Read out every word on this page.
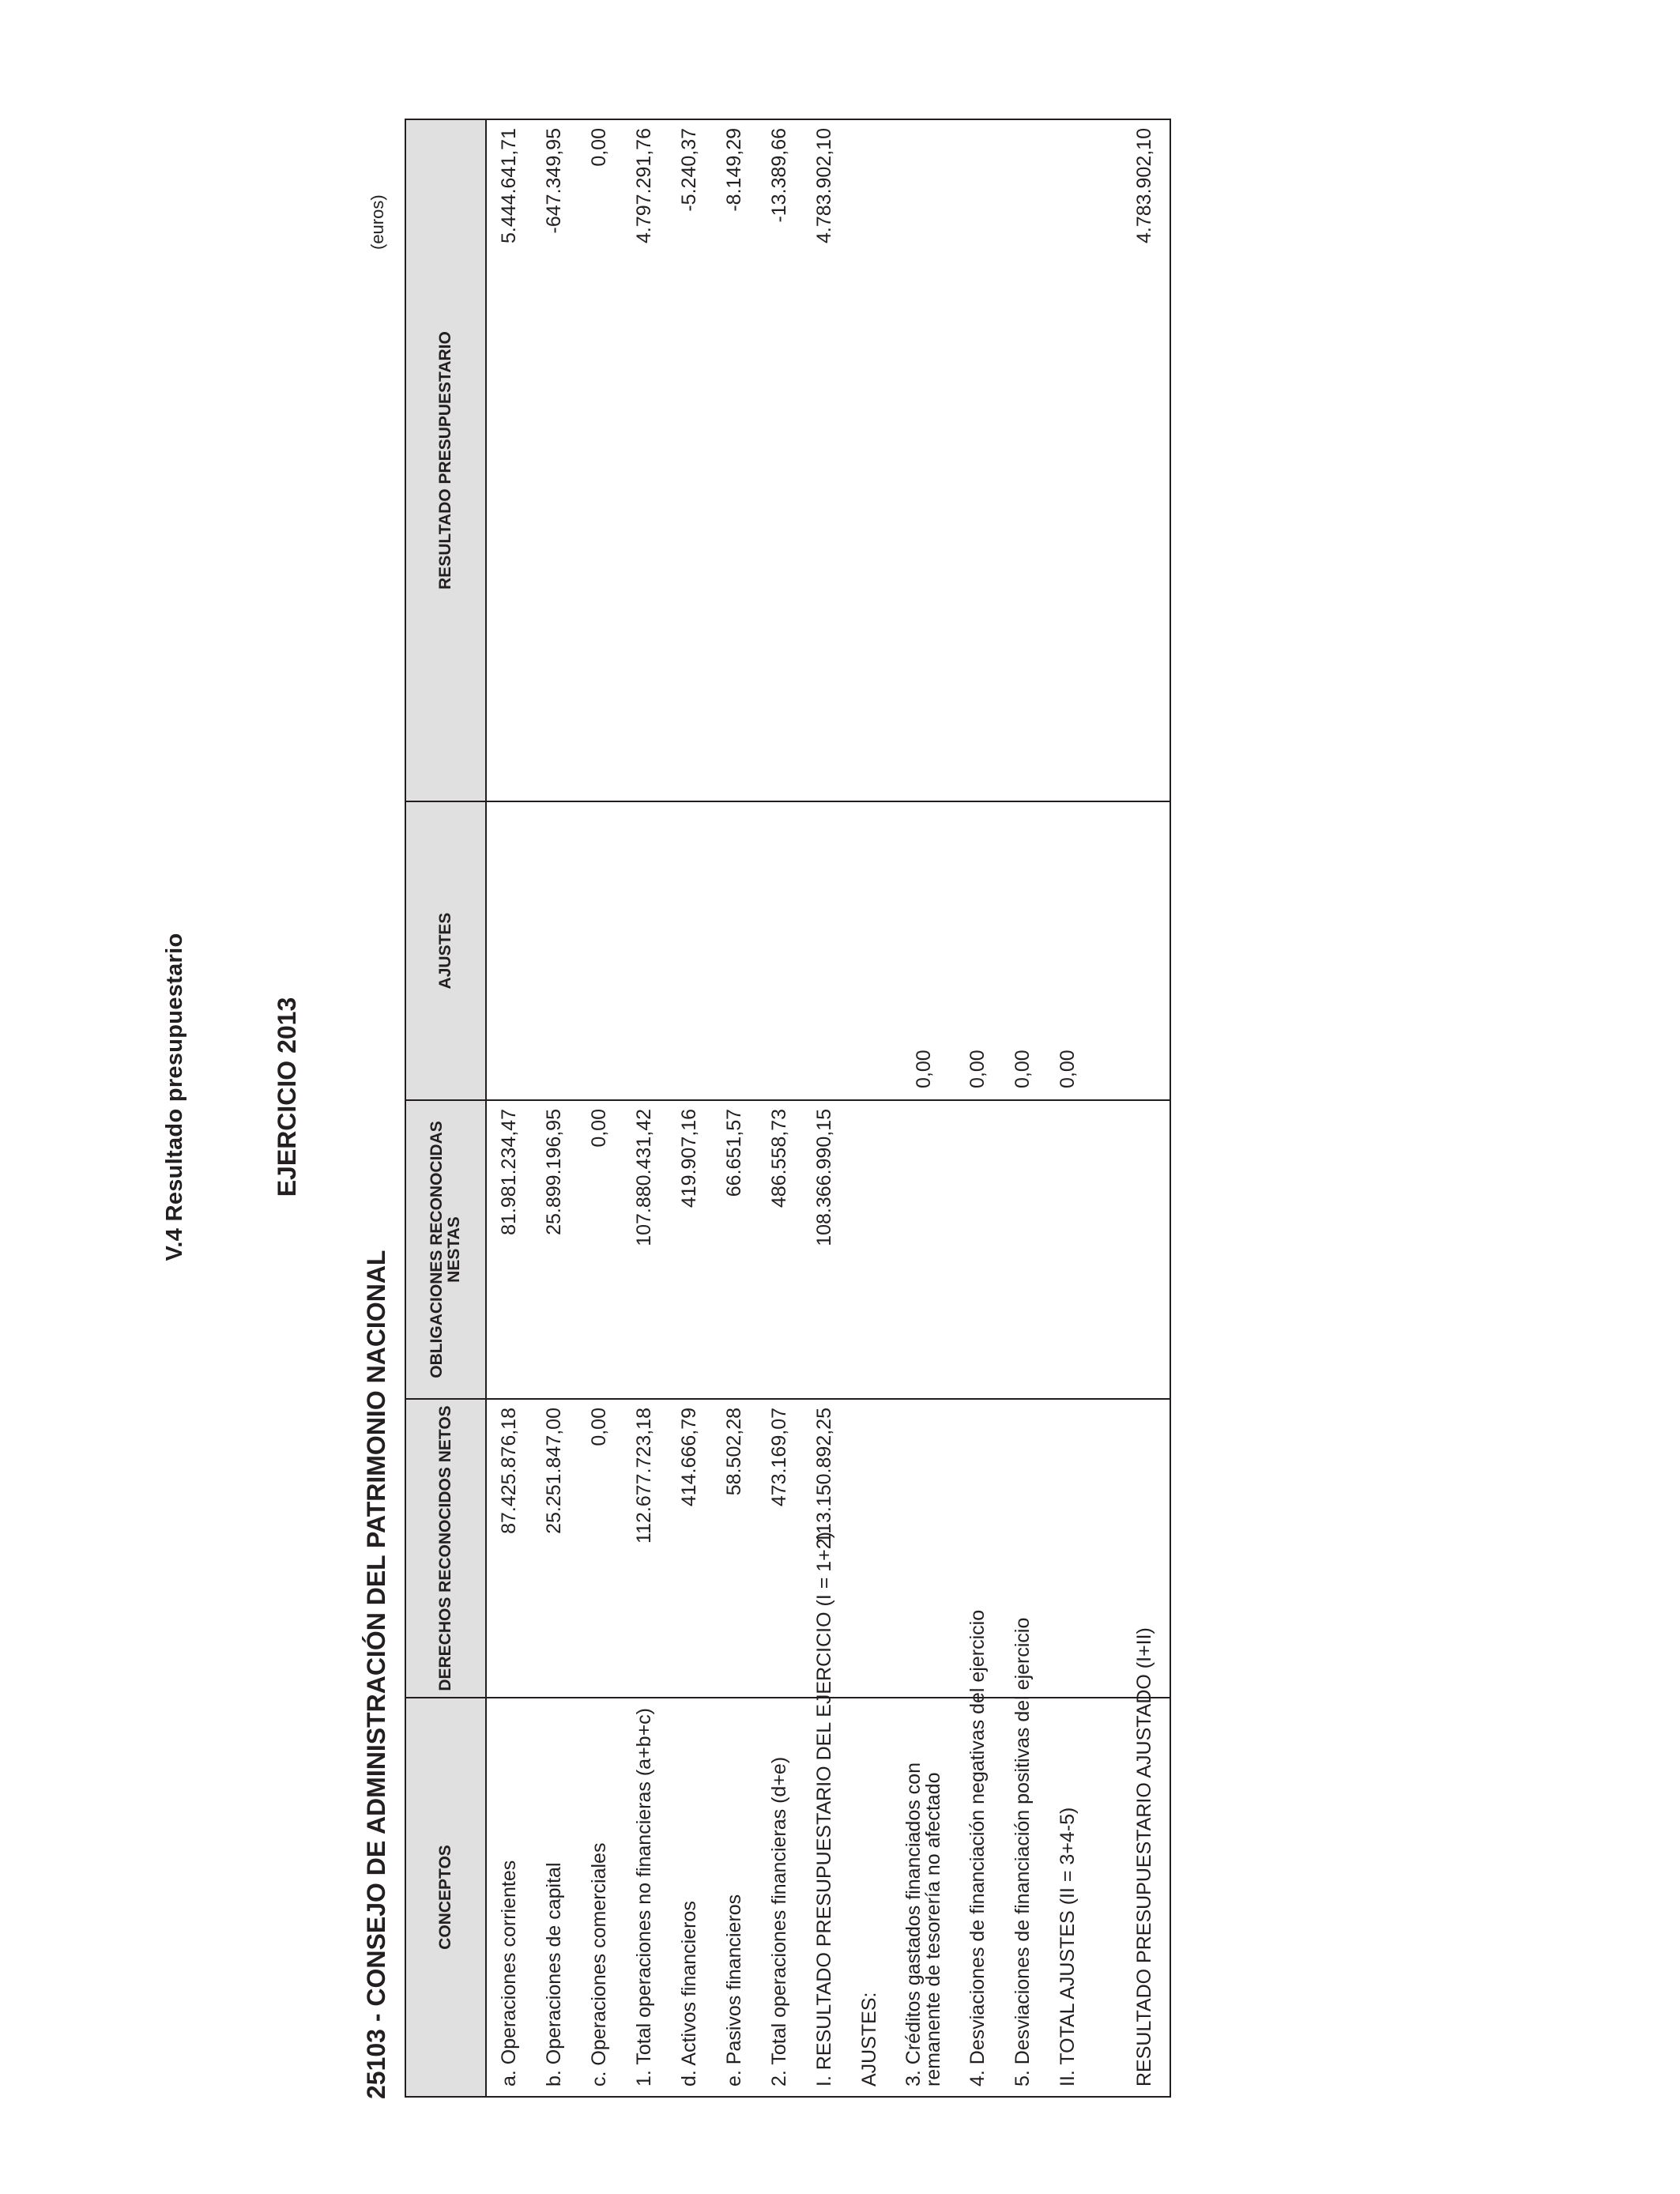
V.4 Resultado presupuestario	EJERCICIO 2013
25103 - CONSEJO DE ADMINISTRACIÓN DEL PATRIMONIO NACIONAL
(euros)
CONCEPTOS	DERECHOS RECONOCIDOS NETOS	OBLIGACIONES RECONOCIDAS NESTAS	AJUSTES	RESULTADO PRESUPUESTARIO
a. Operaciones corrientes	87.425.876,18	81.981.234,47		5.444.641,71
b. Operaciones de capital	25.251.847,00	25.899.196,95		-647.349,95
c. Operaciones comerciales	0,00	0,00		0,00
1. Total operaciones no financieras (a+b+c)	112.677.723,18	107.880.431,42		4.797.291,76
d. Activos financieros	414.666,79	419.907,16		-5.240,37
e. Pasivos financieros	58.502,28	66.651,57		-8.149,29
2. Total operaciones financieras (d+e)	473.169,07	486.558,73		-13.389,66
I. RESULTADO PRESUPUESTARIO DEL EJERCICIO (I = 1+2)	113.150.892,25	108.366.990,15		4.783.902,10
AJUSTES:				
3. Créditos gastados financiados con remanente de tesorería no afectado			0,00	
4. Desviaciones de financiación negativas del ejercicio			0,00	
5. Desviaciones de financiación positivas del ejercicio			0,00	
II. TOTAL AJUSTES (II = 3+4-5)			0,00	

RESULTADO PRESUPUESTARIO AJUSTADO (I+II)				4.783.902,10
